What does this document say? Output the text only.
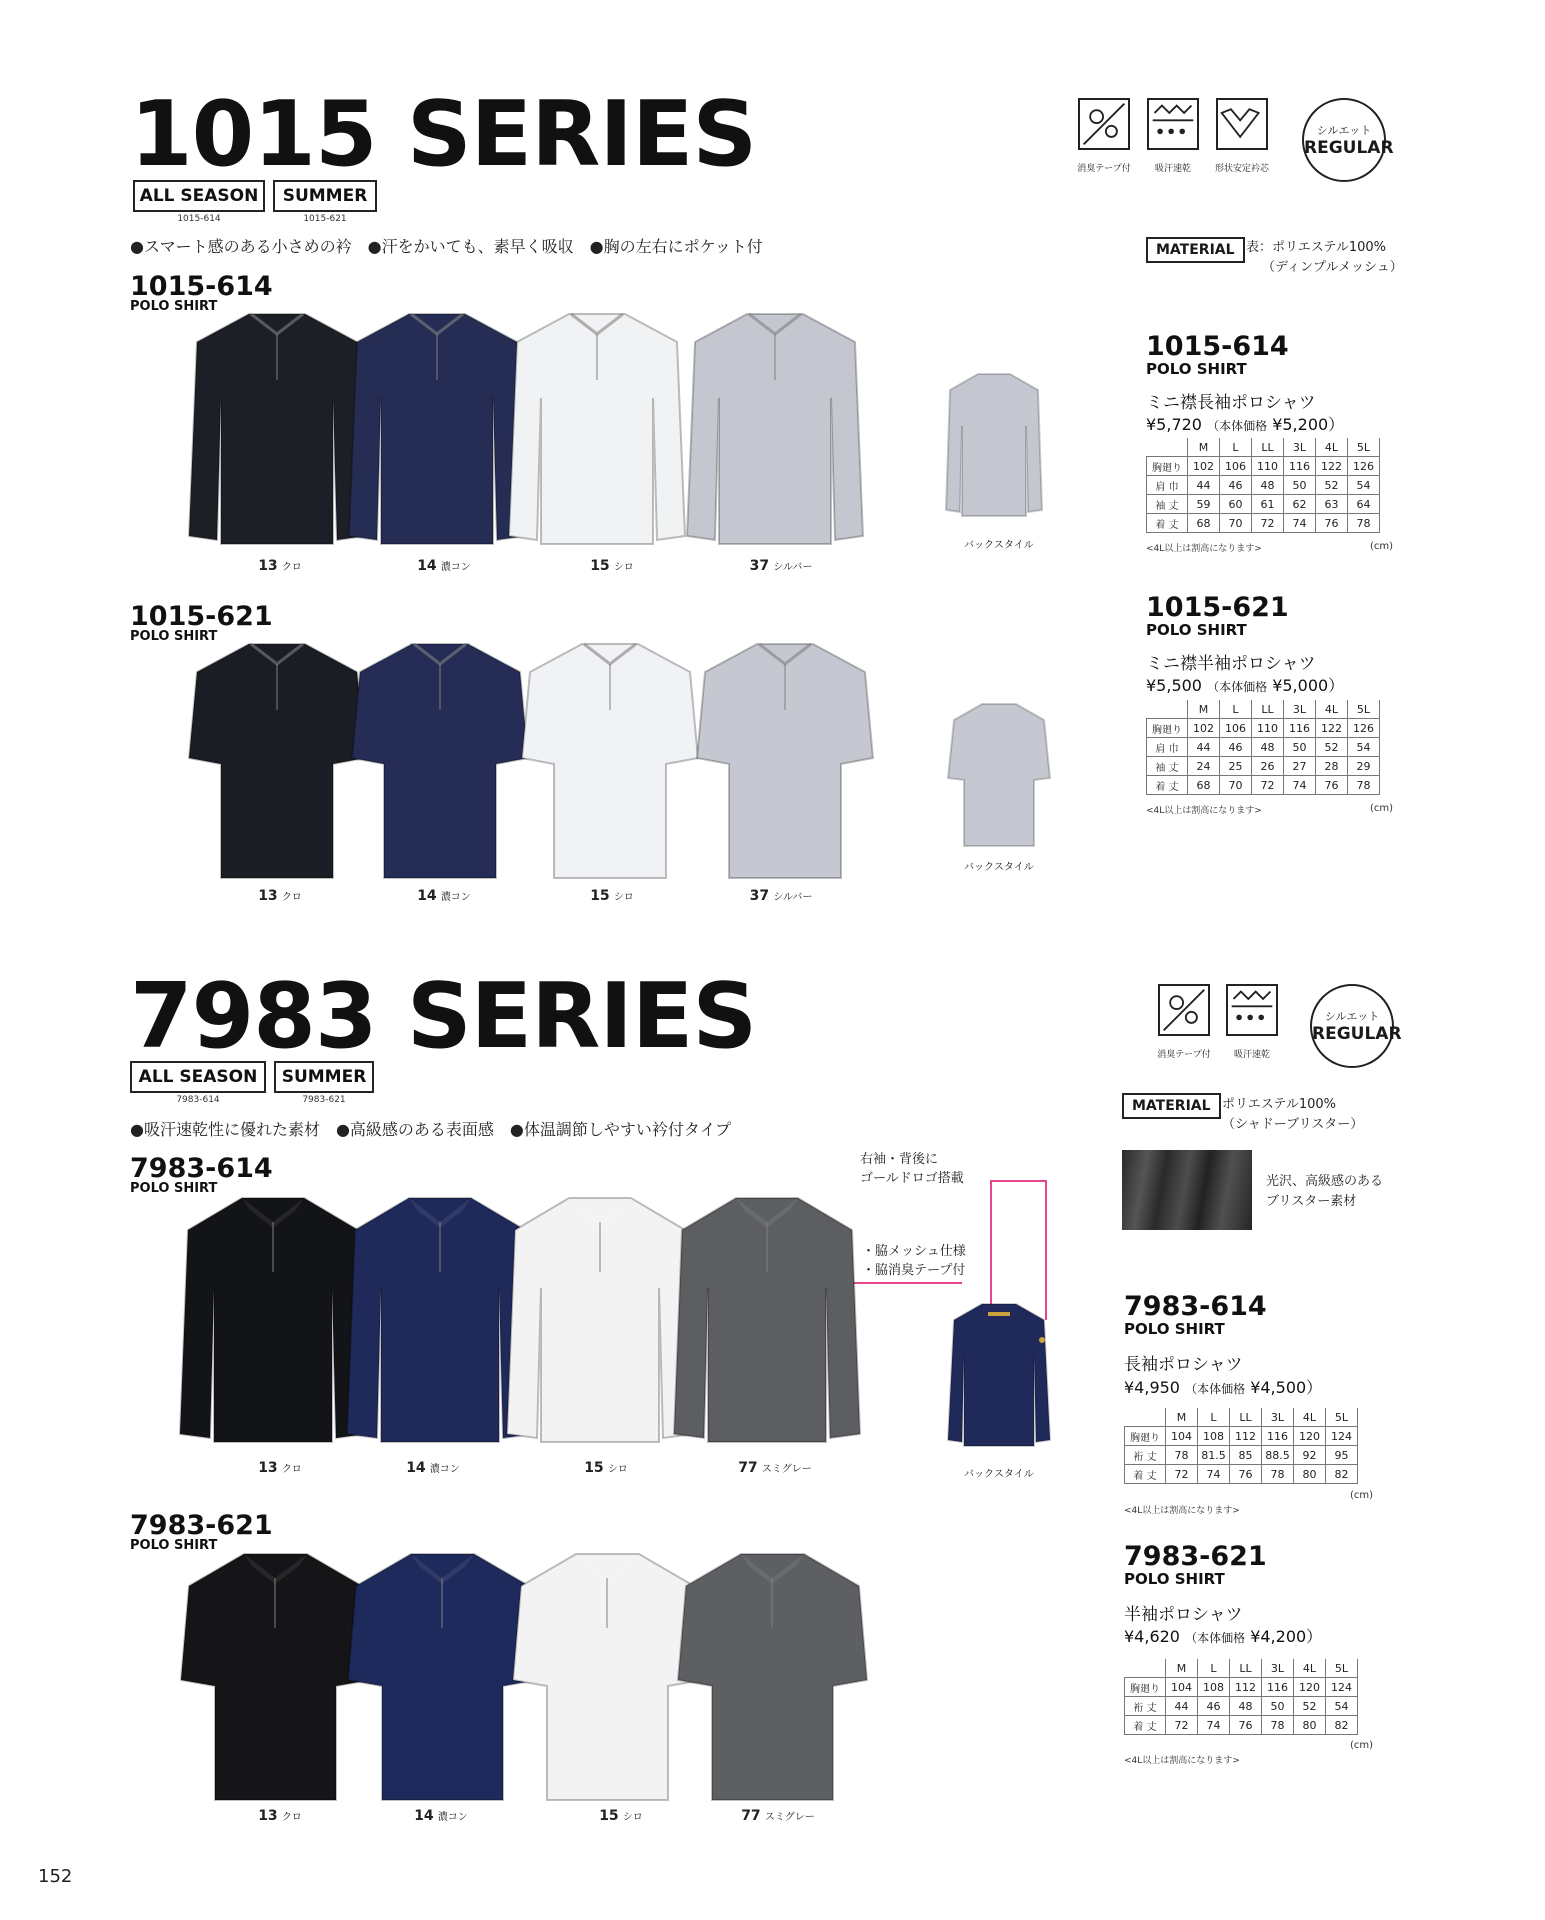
1015 SERIES
ALL SEASON	SUMMER
1015-614	1015-621
●スマート感のある小さめの衿　●汗をかいても、素早く吸収　●胸の左右にポケット付
消臭テープ付	吸汗速乾	形状安定衿芯
シルエット
REGULAR
MATERIAL 表：ポリエステル100%
（ディンプルメッシュ）
1015-614
POLO SHIRT
13 クロ	14 濃コン	15 シロ	37 シルバー
バックスタイル
1015-614
POLO SHIRT
ミニ襟長袖ポロシャツ
¥5,720 （本体価格 ¥5,200）
	M	L	LL	3L	4L	5L
胸廻り	102	106	110	116	122	126
肩 巾	44	46	48	50	52	54
袖 丈	59	60	61	62	63	64
着 丈	68	70	72	74	76	78
<4L以上は割高になります>	(cm)
1015-621
POLO SHIRT
13 クロ	14 濃コン	15 シロ	37 シルバー
バックスタイル
1015-621
POLO SHIRT
ミニ襟半袖ポロシャツ
¥5,500 （本体価格 ¥5,000）
	M	L	LL	3L	4L	5L
胸廻り	102	106	110	116	122	126
肩 巾	44	46	48	50	52	54
袖 丈	24	25	26	27	28	29
着 丈	68	70	72	74	76	78
<4L以上は割高になります>	(cm)
7983 SERIES
ALL SEASON	SUMMER
7983-614	7983-621
●吸汗速乾性に優れた素材　●高級感のある表面感　●体温調節しやすい衿付タイプ
消臭テープ付	吸汗速乾
シルエット
REGULAR
MATERIAL ポリエステル100%
（シャドーブリスター）
光沢、高級感のある
ブリスター素材
右袖・背後に
ゴールドロゴ搭載
・脇メッシュ仕様
・脇消臭テープ付
7983-614
POLO SHIRT
13 クロ	14 濃コン	15 シロ	77 スミグレー	バックスタイル
7983-614
POLO SHIRT
長袖ポロシャツ
¥4,950 （本体価格 ¥4,500）
	M	L	LL	3L	4L	5L
胸廻り	104	108	112	116	120	124
裄 丈	78	81.5	85	88.5	92	95
着 丈	72	74	76	78	80	82
(cm)
<4L以上は割高になります>
7983-621
POLO SHIRT
13 クロ	14 濃コン	15 シロ	77 スミグレー
7983-621
POLO SHIRT
半袖ポロシャツ
¥4,620 （本体価格 ¥4,200）
	M	L	LL	3L	4L	5L
胸廻り	104	108	112	116	120	124
裄 丈	44	46	48	50	52	54
着 丈	72	74	76	78	80	82
(cm)
<4L以上は割高になります>
152
